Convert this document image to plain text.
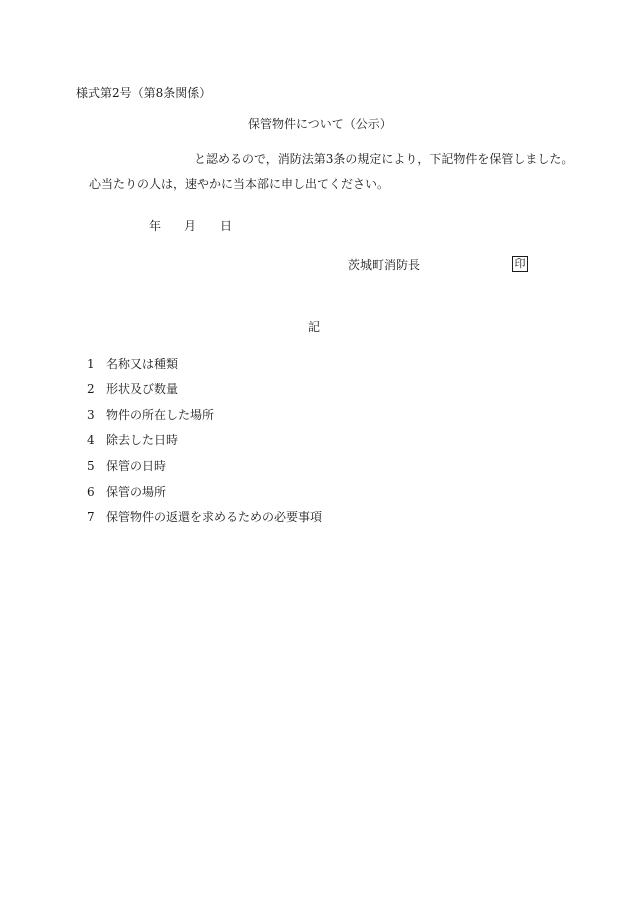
様式第2号（第8条関係）
保管物件について（公示）
と認めるので，消防法第3条の規定により，下記物件を保管しました。
心当たりの人は，速やかに当本部に申し出てください。
年 月 日
茨城町消防長	印
記
1 名称又は種類
2 形状及び数量
3 物件の所在した場所
4 除去した日時
5 保管の日時
6 保管の場所
7 保管物件の返還を求めるための必要事項
